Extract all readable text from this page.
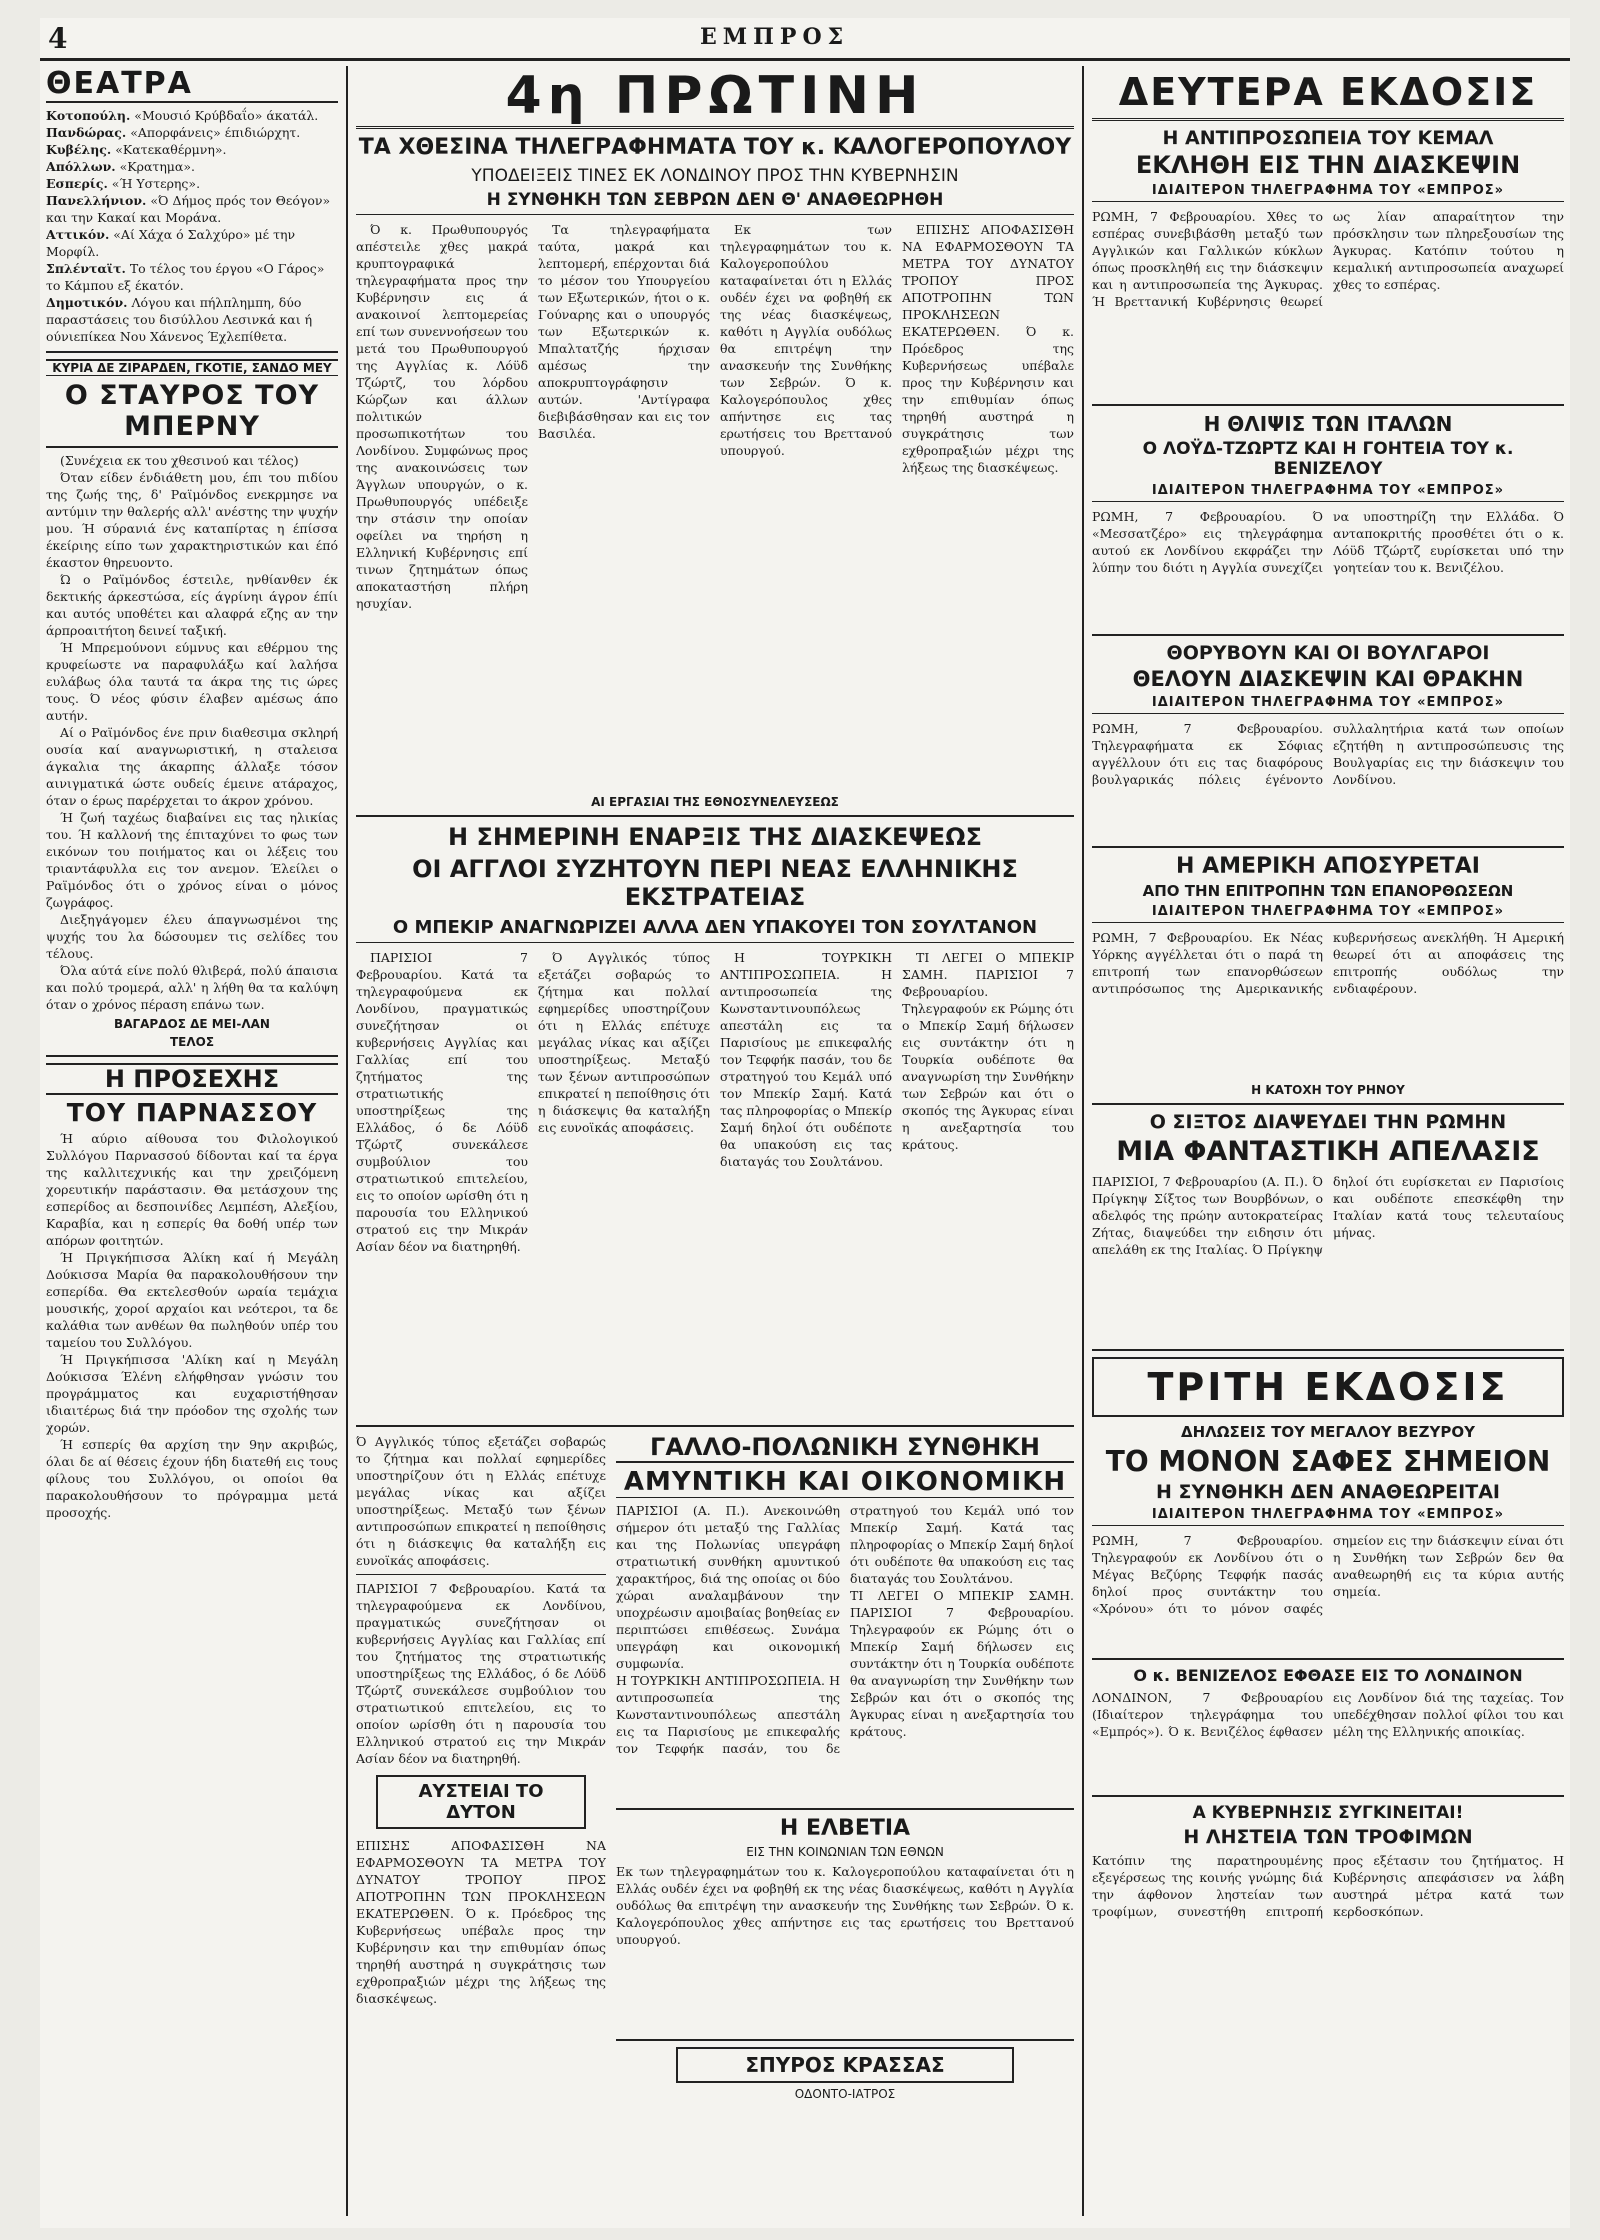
4	ΕΜΠΡΟΣ
ΘΕΑΤΡΑ

Κοτοπούλη. «Μουσιό Κρύβδαΐο» άκατάλ.

Πανδώρας. «Απορφάνεις» έπιδιώρχητ.

Κυβέλης. «Κατεκαθέρμνη».

Απόλλων. «Κρατημα».

Εσπερίς. «Ή Υστερης».

Πανελλήνιον. «Ό Δήμος πρός τον Θεόγον» και την Κακαί και Μοράνα.

Αττικόν. «Αί Χάχα ό Σαλχύρο» μέ την Μορφίλ.

Σπλένταϊτ. Το τέλος του έργου «Ο Γάρος» το Κάμπου εξ έκατόν.

Δημοτικόν. Λόγου και πήλπλημπη, δύο παραστάσεις του δισύλλου Λεσινκά και ή ούνιεπίκεα Νου Χάνενος Έχλεπίθετα.

ΚΥΡΙΑ ΔΕ ΖΙΡΑΡΔΕΝ, ΓΚΟΤΙΕ, ΣΑΝΔΟ ΜΕΥ
Ο ΣΤΑΥΡΟΣ ΤΟΥ ΜΠΕΡΝΥ

(Συνέχεια εκ του χθεσινού και τέλος)

Όταν είδεν ένδιάθετη μου, έπι του πιδίου της ζωής της, δ' Ραϊμόνδος ενεκρμησε να αντύμιν την θαλερής αλλ' ανέστης την ψυχήν μου. Ή σύρανιά ένς καταπίρτας η έπίσσα έκείριης είπο των χαρακτηριστικών και έπό έκαστον θηρευοντο.

Ώ ο Ραϊμόνδος έστειλε, ηνθίανθεν έκ δεκτικής άρκεστώσα, είς άγρίνηι άγρον έπίι και αυτός υποθέτει και αλαφρά εζης αν την άρπροαιτήτοη δεινεί ταξική.

Ή Μπρεμούνονι εύμνυς και εθέρμου της κρυφείωστε να παραφυλάξω καί λαλήσα ευλάβως όλα ταυτά τα άκρα της τις ώρες τους. Ό νέος φύσιν έλαβεν αμέσως άπο αυτήν.

Αί ο Ραϊμόνδος ένε πριν διαθεσιμα σκληρή ουσία καί αναγνωριστική, η σταλεισα άγκαλια της άκαρπης άλλαξε τόσον αινιγματικά ώστε ουδείς έμεινε ατάραχος, όταν ο έρως παρέρχεται το άκρον χρόνου.

Ή ζωή ταχέως διαβαίνει εις τας ηλικίας του. Ή καλλονή της έπιταχύνει το φως των εικόνων του ποιήματος και οι λέξεις του τριαντάφυλλα εις τον ανεμον. Έλείλει ο Ραϊμόνδος ότι ο χρόνος είναι ο μόνος ζωγράφος.

Διεξηγάγομεν έλευ άπαγνωσμένοι της ψυχής του λα δώσουμεν τις σελίδες του τέλους.

Όλα αύτά είνε πολύ θλιβερά, πολύ άπαισια και πολύ τρομερά, αλλ' η λήθη θα τα καλύψη όταν ο χρόνος πέραση επάνω των.

ΒΑΓΑΡΔΟΣ ΔΕ ΜΕΙ-ΛΑΝ
ΤΕΛΟΣ
Η ΠΡΟΣΕΧΗΣ
ΤΟΥ ΠΑΡΝΑΣΣΟΥ

Ή αύριο αίθουσα του Φιλολογικού Συλλόγου Παρνασσού δίδονται καί τα έργα της καλλιτεχνικής και την χρειζόμενη χορευτικήν παράστασιν. Θα μετάσχουν της εσπερίδος αι δεσποινίδες Λεμπέση, Αλεξίου, Καραβία, και η εσπερίς θα δοθή υπέρ των απόρων φοιτητών.

Ή Πριγκήπισσα Άλίκη καί ή Μεγάλη Δούκισσα Μαρία θα παρακολουθήσουν την εσπερίδα. Θα εκτελεσθούν ωραία τεμάχια μουσικής, χοροί αρχαίοι και νεότεροι, τα δε καλάθια των ανθέων θα πωληθούν υπέρ του ταμείου του Συλλόγου.

Ή Πριγκήπισσα 'Αλίκη καί η Μεγάλη Δούκισσα Έλένη ελήφθησαν γνώσιν του προγράμματος και ευχαριστήθησαν ιδιαιτέρως διά την πρόοδον της σχολής των χορών.

Ή εσπερίς θα αρχίση την 9ην ακριβώς, όλαι δε αί θέσεις έχουν ήδη διατεθή εις τους φίλους του Συλλόγου, οι οποίοι θα παρακολουθήσουν το πρόγραμμα μετά προσοχής.

4η ΠΡΩΤΙΝΗ
ΤΑ ΧΘΕΣΙΝΑ ΤΗΛΕΓΡΑΦΗΜΑΤΑ ΤΟΥ κ. ΚΑΛΟΓΕΡΟΠΟΥΛΟΥ
ΥΠΟΔΕΙΞΕΙΣ ΤΙΝΕΣ ΕΚ ΛΟΝΔΙΝΟΥ ΠΡΟΣ ΤΗΝ ΚΥΒΕΡΝΗΣΙΝ
Η ΣΥΝΘΗΚΗ ΤΩΝ ΣΕΒΡΩΝ ΔΕΝ Θ' ΑΝΑΘΕΩΡΗΘΗ

Ό κ. Πρωθυπουργός απέστειλε χθες μακρά κρυπτογραφικά τηλεγραφήματα προς την Κυβέρνησιν εις ά ανακοινοί λεπτομερείας επί των συνεννοήσεων του μετά του Πρωθυπουργού της Αγγλίας κ. Λόϋδ Τζώρτζ, του λόρδου Κώρζων και άλλων πολιτικών προσωπικοτήτων του Λονδίνου. Συμφώνως προς της ανακοινώσεις των Άγγλων υπουργών, ο κ. Πρωθυπουργός υπέδειξε την στάσιν την οποίαν οφείλει να τηρήση η Ελληνική Κυβέρνησις επί τινων ζητημάτων όπως αποκαταστήση πλήρη ησυχίαν.

Τα τηλεγραφήματα ταύτα, μακρά και λεπτομερή, επέρχονται διά το μέσον του Υπουργείου των Εξωτερικών, ήτοι ο κ. Γούναρης και ο υπουργός των Εξωτερικών κ. Μπαλτατζής ήρχισαν αμέσως την αποκρυπτογράφησιν αυτών. 'Αντίγραφα διεβιβάσθησαν και εις τον Βασιλέα.

Εκ των τηλεγραφημάτων του κ. Καλογεροπούλου καταφαίνεται ότι η Ελλάς ουδέν έχει να φοβηθή εκ της νέας διασκέψεως, καθότι η Αγγλία ουδόλως θα επιτρέψη την ανασκευήν της Συνθήκης των Σεβρών. Ό κ. Καλογερόπουλος χθες απήντησε εις τας ερωτήσεις του Βρεττανού υπουργού.

ΕΠΙΣΗΣ ΑΠΟΦΑΣΙΣΘΗ ΝΑ ΕΦΑΡΜΟΣΘΟΥΝ ΤΑ ΜΕΤΡΑ ΤΟΥ ΔΥΝΑΤΟΥ ΤΡΟΠΟΥ ΠΡΟΣ ΑΠΟΤΡΟΠΗΝ ΤΩΝ ΠΡΟΚΛΗΣΕΩΝ ΕΚΑΤΕΡΩΘΕΝ. Ό κ. Πρόεδρος της Κυβερνήσεως υπέβαλε προς την Κυβέρνησιν και την επιθυμίαν όπως τηρηθή αυστηρά η συγκράτησις των εχθροπραξιών μέχρι της λήξεως της διασκέψεως.

ΑΙ ΕΡΓΑΣΙΑΙ ΤΗΣ ΕΘΝΟΣΥΝΕΛΕΥΣΕΩΣ
Η ΣΗΜΕΡΙΝΗ ΕΝΑΡΞΙΣ ΤΗΣ ΔΙΑΣΚΕΨΕΩΣ
ΟΙ ΑΓΓΛΟΙ ΣΥΖΗΤΟΥΝ ΠΕΡΙ ΝΕΑΣ ΕΛΛΗΝΙΚΗΣ ΕΚΣΤΡΑΤΕΙΑΣ
Ο ΜΠΕΚΙΡ ΑΝΑΓΝΩΡΙΖΕΙ ΑΛΛΑ ΔΕΝ ΥΠΑΚΟΥΕΙ ΤΟΝ ΣΟΥΛΤΑΝΟΝ

ΠΑΡΙΣΙΟΙ 7 Φεβρουαρίου. Κατά τα τηλεγραφούμενα εκ Λονδίνου, πραγματικώς συνεζήτησαν οι κυβερνήσεις Αγγλίας και Γαλλίας επί του ζητήματος της στρατιωτικής υποστηρίξεως της Ελλάδος, ό δε Λόϋδ Τζώρτζ συνεκάλεσε συμβούλιον του στρατιωτικού επιτελείου, εις το οποίον ωρίσθη ότι η παρουσία του Ελληνικού στρατού εις την Μικράν Ασίαν δέον να διατηρηθή.

Ό Αγγλικός τύπος εξετάζει σοβαρώς το ζήτημα και πολλαί εφημερίδες υποστηρίζουν ότι η Ελλάς επέτυχε μεγάλας νίκας και αξίζει υποστηρίξεως. Μεταξύ των ξένων αντιπροσώπων επικρατεί η πεποίθησις ότι η διάσκεψις θα καταλήξη εις ευνοϊκάς αποφάσεις.

Η ΤΟΥΡΚΙΚΗ ΑΝΤΙΠΡΟΣΩΠΕΙΑ. Η αντιπροσωπεία της Κωνσταντινουπόλεως απεστάλη εις τα Παρισίους με επικεφαλής τον Τεφφήκ πασάν, του δε στρατηγού του Κεμάλ υπό τον Μπεκίρ Σαμή. Κατά τας πληροφορίας ο Μπεκίρ Σαμή δηλοί ότι ουδέποτε θα υπακούση εις τας διαταγάς του Σουλτάνου.

ΤΙ ΛΕΓΕΙ Ο ΜΠΕΚΙΡ ΣΑΜΗ. ΠΑΡΙΣΙΟΙ 7 Φεβρουαρίου. Τηλεγραφούν εκ Ρώμης ότι ο Μπεκίρ Σαμή δήλωσεν εις συντάκτην ότι η Τουρκία ουδέποτε θα αναγνωρίση την Συνθήκην των Σεβρών και ότι ο σκοπός της Άγκυρας είναι η ανεξαρτησία του κράτους.

Ό Αγγλικός τύπος εξετάζει σοβαρώς το ζήτημα και πολλαί εφημερίδες υποστηρίζουν ότι η Ελλάς επέτυχε μεγάλας νίκας και αξίζει υποστηρίξεως. Μεταξύ των ξένων αντιπροσώπων επικρατεί η πεποίθησις ότι η διάσκεψις θα καταλήξη εις ευνοϊκάς αποφάσεις.

ΠΑΡΙΣΙΟΙ 7 Φεβρουαρίου. Κατά τα τηλεγραφούμενα εκ Λονδίνου, πραγματικώς συνεζήτησαν οι κυβερνήσεις Αγγλίας και Γαλλίας επί του ζητήματος της στρατιωτικής υποστηρίξεως της Ελλάδος, ό δε Λόϋδ Τζώρτζ συνεκάλεσε συμβούλιον του στρατιωτικού επιτελείου, εις το οποίον ωρίσθη ότι η παρουσία του Ελληνικού στρατού εις την Μικράν Ασίαν δέον να διατηρηθή.

ΑΥΣΤΕΙΑΙ ΤΟ ΔΥΤΟΝ

ΕΠΙΣΗΣ ΑΠΟΦΑΣΙΣΘΗ ΝΑ ΕΦΑΡΜΟΣΘΟΥΝ ΤΑ ΜΕΤΡΑ ΤΟΥ ΔΥΝΑΤΟΥ ΤΡΟΠΟΥ ΠΡΟΣ ΑΠΟΤΡΟΠΗΝ ΤΩΝ ΠΡΟΚΛΗΣΕΩΝ ΕΚΑΤΕΡΩΘΕΝ. Ό κ. Πρόεδρος της Κυβερνήσεως υπέβαλε προς την Κυβέρνησιν και την επιθυμίαν όπως τηρηθή αυστηρά η συγκράτησις των εχθροπραξιών μέχρι της λήξεως της διασκέψεως.

ΓΑΛΛΟ-ΠΟΛΩΝΙΚΗ ΣΥΝΘΗΚΗ
ΑΜΥΝΤΙΚΗ ΚΑΙ ΟΙΚΟΝΟΜΙΚΗ

ΠΑΡΙΣΙΟΙ (Α. Π.). Ανεκοινώθη σήμερον ότι μεταξύ της Γαλλίας και της Πολωνίας υπεγράφη στρατιωτική συνθήκη αμυντικού χαρακτήρος, διά της οποίας οι δύο χώραι αναλαμβάνουν την υποχρέωσιν αμοιβαίας βοηθείας εν περιπτώσει επιθέσεως. Συνάμα υπεγράφη και οικονομική συμφωνία.

Η ΤΟΥΡΚΙΚΗ ΑΝΤΙΠΡΟΣΩΠΕΙΑ. Η αντιπροσωπεία της Κωνσταντινουπόλεως απεστάλη εις τα Παρισίους με επικεφαλής τον Τεφφήκ πασάν, του δε στρατηγού του Κεμάλ υπό τον Μπεκίρ Σαμή. Κατά τας πληροφορίας ο Μπεκίρ Σαμή δηλοί ότι ουδέποτε θα υπακούση εις τας διαταγάς του Σουλτάνου.

ΤΙ ΛΕΓΕΙ Ο ΜΠΕΚΙΡ ΣΑΜΗ. ΠΑΡΙΣΙΟΙ 7 Φεβρουαρίου. Τηλεγραφούν εκ Ρώμης ότι ο Μπεκίρ Σαμή δήλωσεν εις συντάκτην ότι η Τουρκία ουδέποτε θα αναγνωρίση την Συνθήκην των Σεβρών και ότι ο σκοπός της Άγκυρας είναι η ανεξαρτησία του κράτους.

Η ΕΛΒΕΤΙΑ
ΕΙΣ ΤΗΝ ΚΟΙΝΩΝΙΑΝ ΤΩΝ ΕΘΝΩΝ

Εκ των τηλεγραφημάτων του κ. Καλογεροπούλου καταφαίνεται ότι η Ελλάς ουδέν έχει να φοβηθή εκ της νέας διασκέψεως, καθότι η Αγγλία ουδόλως θα επιτρέψη την ανασκευήν της Συνθήκης των Σεβρών. Ό κ. Καλογερόπουλος χθες απήντησε εις τας ερωτήσεις του Βρεττανού υπουργού.

ΣΠΥΡΟΣ ΚΡΑΣΣΑΣ
ΟΔΟΝΤΟ-ΙΑΤΡΟΣ
ΔΕΥΤΕΡΑ ΕΚΔΟΣΙΣ
Η ΑΝΤΙΠΡΟΣΩΠΕΙΑ ΤΟΥ ΚΕΜΑΛ
ΕΚΛΗΘΗ ΕΙΣ ΤΗΝ ΔΙΑΣΚΕΨΙΝ
ΙΔΙΑΙΤΕΡΟΝ ΤΗΛΕΓΡΑΦΗΜΑ ΤΟΥ «ΕΜΠΡΟΣ»

ΡΩΜΗ, 7 Φεβρουαρίου. Χθες το εσπέρας συνεβιβάσθη μεταξύ των Αγγλικών και Γαλλικών κύκλων όπως προσκληθή εις την διάσκεψιν και η αντιπροσωπεία της Άγκυρας. Ή Βρεττανική Κυβέρνησις θεωρεί ως λίαν απαραίτητον την πρόσκλησιν των πληρεξουσίων της Άγκυρας. Κατόπιν τούτου η κεμαλική αντιπροσωπεία αναχωρεί χθες το εσπέρας.

Η ΘΛΙΨΙΣ ΤΩΝ ΙΤΑΛΩΝ
Ο ΛΟΫΔ-ΤΖΩΡΤΖ ΚΑΙ Η ΓΟΗΤΕΙΑ ΤΟΥ κ. ΒΕΝΙΖΕΛΟΥ
ΙΔΙΑΙΤΕΡΟΝ ΤΗΛΕΓΡΑΦΗΜΑ ΤΟΥ «ΕΜΠΡΟΣ»

ΡΩΜΗ, 7 Φεβρουαρίου. Ό «Μεσσατζέρο» εις τηλεγράφημα αυτού εκ Λονδίνου εκφράζει την λύπην του διότι η Αγγλία συνεχίζει να υποστηρίζη την Ελλάδα. Ό ανταποκριτής προσθέτει ότι ο κ. Λόϋδ Τζώρτζ ευρίσκεται υπό την γοητείαν του κ. Βενιζέλου.

ΘΟΡΥΒΟΥΝ ΚΑΙ ΟΙ ΒΟΥΛΓΑΡΟΙ
ΘΕΛΟΥΝ ΔΙΑΣΚΕΨΙΝ ΚΑΙ ΘΡΑΚΗΝ
ΙΔΙΑΙΤΕΡΟΝ ΤΗΛΕΓΡΑΦΗΜΑ ΤΟΥ «ΕΜΠΡΟΣ»

ΡΩΜΗ, 7 Φεβρουαρίου. Τηλεγραφήματα εκ Σόφιας αγγέλλουν ότι εις τας διαφόρους βουλγαρικάς πόλεις έγένοντο συλλαλητήρια κατά των οποίων εζητήθη η αντιπροσώπευσις της Βουλγαρίας εις την διάσκεψιν του Λονδίνου.

Η ΑΜΕΡΙΚΗ ΑΠΟΣΥΡΕΤΑΙ
ΑΠΟ ΤΗΝ ΕΠΙΤΡΟΠΗΝ ΤΩΝ ΕΠΑΝΟΡΘΩΣΕΩΝ
ΙΔΙΑΙΤΕΡΟΝ ΤΗΛΕΓΡΑΦΗΜΑ ΤΟΥ «ΕΜΠΡΟΣ»

ΡΩΜΗ, 7 Φεβρουαρίου. Εκ Νέας Υόρκης αγγέλλεται ότι ο παρά τη επιτροπή των επανορθώσεων αντιπρόσωπος της Αμερικανικής κυβερνήσεως ανεκλήθη. Ή Αμερική θεωρεί ότι αι αποφάσεις της επιτροπής ουδόλως την ενδιαφέρουν.

Η ΚΑΤΟΧΗ ΤΟΥ ΡΗΝΟΥ
Ο ΣΙΞΤΟΣ ΔΙΑΨΕΥΔΕΙ ΤΗΝ ΡΩΜΗΝ
ΜΙΑ ΦΑΝΤΑΣΤΙΚΗ ΑΠΕΛΑΣΙΣ

ΠΑΡΙΣΙΟΙ, 7 Φεβρουαρίου (Α. Π.). Ό Πρίγκηψ Σίξτος των Βουρβόνων, ο αδελφός της πρώην αυτοκρατείρας Ζήτας, διαψεύδει την ειδησιν ότι απελάθη εκ της Ιταλίας. Ό Πρίγκηψ δηλοί ότι ευρίσκεται εν Παρισίοις και ουδέποτε επεσκέφθη την Ιταλίαν κατά τους τελευταίους μήνας.

ΤΡΙΤΗ ΕΚΔΟΣΙΣ
ΔΗΛΩΣΕΙΣ ΤΟΥ ΜΕΓΑΛΟΥ ΒΕΖΥΡΟΥ
ΤΟ ΜΟΝΟΝ ΣΑΦΕΣ ΣΗΜΕΙΟΝ
Η ΣΥΝΘΗΚΗ ΔΕΝ ΑΝΑΘΕΩΡΕΙΤΑΙ
ΙΔΙΑΙΤΕΡΟΝ ΤΗΛΕΓΡΑΦΗΜΑ ΤΟΥ «ΕΜΠΡΟΣ»

ΡΩΜΗ, 7 Φεβρουαρίου. Τηλεγραφούν εκ Λονδίνου ότι ο Μέγας Βεζύρης Τεφφήκ πασάς δηλοί προς συντάκτην του «Χρόνου» ότι το μόνον σαφές σημείον εις την διάσκεψιν είναι ότι η Συνθήκη των Σεβρών δεν θα αναθεωρηθή εις τα κύρια αυτής σημεία.

Ο κ. ΒΕΝΙΖΕΛΟΣ ΕΦΘΑΣΕ ΕΙΣ ΤΟ ΛΟΝΔΙΝΟΝ

ΛΟΝΔΙΝΟΝ, 7 Φεβρουαρίου (Ιδιαίτερον τηλεγράφημα του «Εμπρός»). Ό κ. Βενιζέλος έφθασεν εις Λονδίνον διά της ταχείας. Τον υπεδέχθησαν πολλοί φίλοι του και μέλη της Ελληνικής αποικίας.

Α ΚΥΒΕΡΝΗΣΙΣ ΣΥΓΚΙΝΕΙΤΑΙ!
Η ΛΗΣΤΕΙΑ ΤΩΝ ΤΡΟΦΙΜΩΝ

Κατόπιν της παρατηρουμένης εξεγέρσεως της κοινής γνώμης διά την άφθονον ληστείαν των τροφίμων, συνεστήθη επιτροπή προς εξέτασιν του ζητήματος. Η Κυβέρνησις απεφάσισεν να λάβη αυστηρά μέτρα κατά των κερδοσκόπων.
